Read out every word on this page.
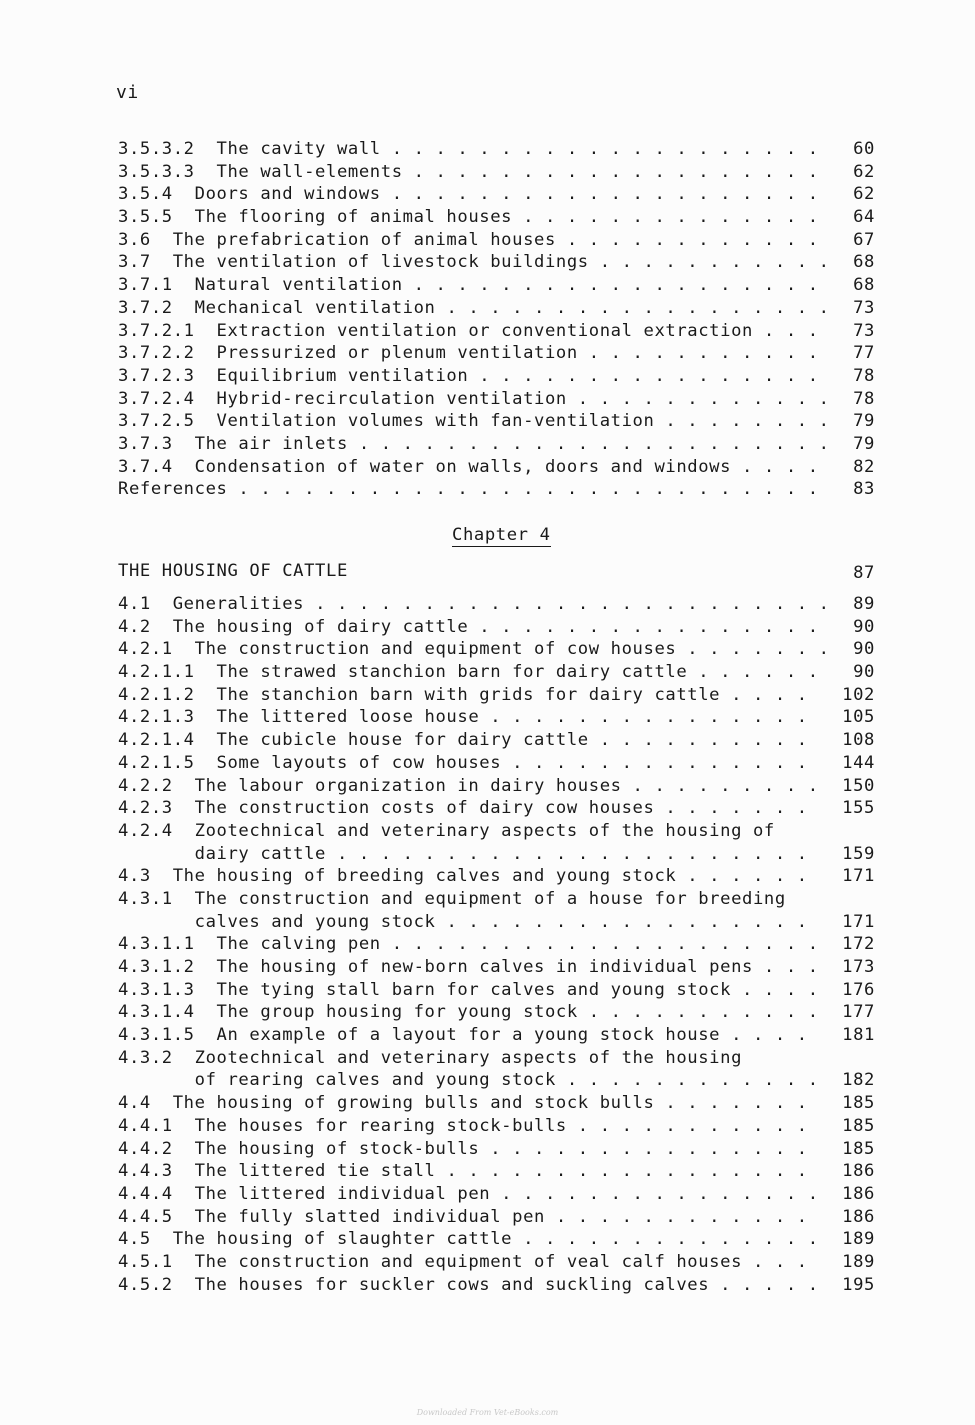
vi
3.5.3.2  The cavity wall . . . . . . . . . . . . . . . . . . . . 60
3.5.3.3  The wall-elements . . . . . . . . . . . . . . . . . . . 62
3.5.4  Doors and windows . . . . . . . . . . . . . . . . . . . . 62
3.5.5  The flooring of animal houses . . . . . . . . . . . . . . 64
3.6  The prefabrication of animal houses . . . . . . . . . . . . 67
3.7  The ventilation of livestock buildings . . . . . . . . . . . 68
3.7.1  Natural ventilation . . . . . . . . . . . . . . . . . . . 68
3.7.2  Mechanical ventilation . . . . . . . . . . . . . . . . . . 73
3.7.2.1  Extraction ventilation or conventional extraction . . . 73
3.7.2.2  Pressurized or plenum ventilation . . . . . . . . . . . 77
3.7.2.3  Equilibrium ventilation . . . . . . . . . . . . . . . . 78
3.7.2.4  Hybrid-recirculation ventilation . . . . . . . . . . . . 78
3.7.2.5  Ventilation volumes with fan-ventilation . . . . . . . . 79
3.7.3  The air inlets . . . . . . . . . . . . . . . . . . . . . . 79
3.7.4  Condensation of water on walls, doors and windows . . . . 82
References . . . . . . . . . . . . . . . . . . . . . . . . . . . 83
Chapter 4
THE HOUSING OF CATTLE	87
4.1  Generalities . . . . . . . . . . . . . . . . . . . . . . . . 89
4.2  The housing of dairy cattle . . . . . . . . . . . . . . . . 90
4.2.1  The construction and equipment of cow houses . . . . . . . 90
4.2.1.1  The strawed stanchion barn for dairy cattle . . . . . . 90
4.2.1.2  The stanchion barn with grids for dairy cattle . . . . 102
4.2.1.3  The littered loose house . . . . . . . . . . . . . . . 105
4.2.1.4  The cubicle house for dairy cattle . . . . . . . . . . 108
4.2.1.5  Some layouts of cow houses . . . . . . . . . . . . . . 144
4.2.2  The labour organization in dairy houses . . . . . . . . . 150
4.2.3  The construction costs of dairy cow houses . . . . . . . 155
4.2.4  Zootechnical and veterinary aspects of the housing of
dairy cattle . . . . . . . . . . . . . . . . . . . . . . 159
4.3  The housing of breeding calves and young stock . . . . . . 171
4.3.1  The construction and equipment of a house for breeding
calves and young stock . . . . . . . . . . . . . . . . . 171
4.3.1.1  The calving pen . . . . . . . . . . . . . . . . . . . . 172
4.3.1.2  The housing of new-born calves in individual pens . . . 173
4.3.1.3  The tying stall barn for calves and young stock . . . . 176
4.3.1.4  The group housing for young stock . . . . . . . . . . . 177
4.3.1.5  An example of a layout for a young stock house . . . . 181
4.3.2  Zootechnical and veterinary aspects of the housing
of rearing calves and young stock . . . . . . . . . . . . 182
4.4  The housing of growing bulls and stock bulls . . . . . . . 185
4.4.1  The houses for rearing stock-bulls . . . . . . . . . . . 185
4.4.2  The housing of stock-bulls . . . . . . . . . . . . . . . 185
4.4.3  The littered tie stall . . . . . . . . . . . . . . . . . 186
4.4.4  The littered individual pen . . . . . . . . . . . . . . . 186
4.4.5  The fully slatted individual pen . . . . . . . . . . . . 186
4.5  The housing of slaughter cattle . . . . . . . . . . . . . . 189
4.5.1  The construction and equipment of veal calf houses . . . 189
4.5.2  The houses for suckler cows and suckling calves . . . . . 195
Downloaded From Vet-eBooks.com
